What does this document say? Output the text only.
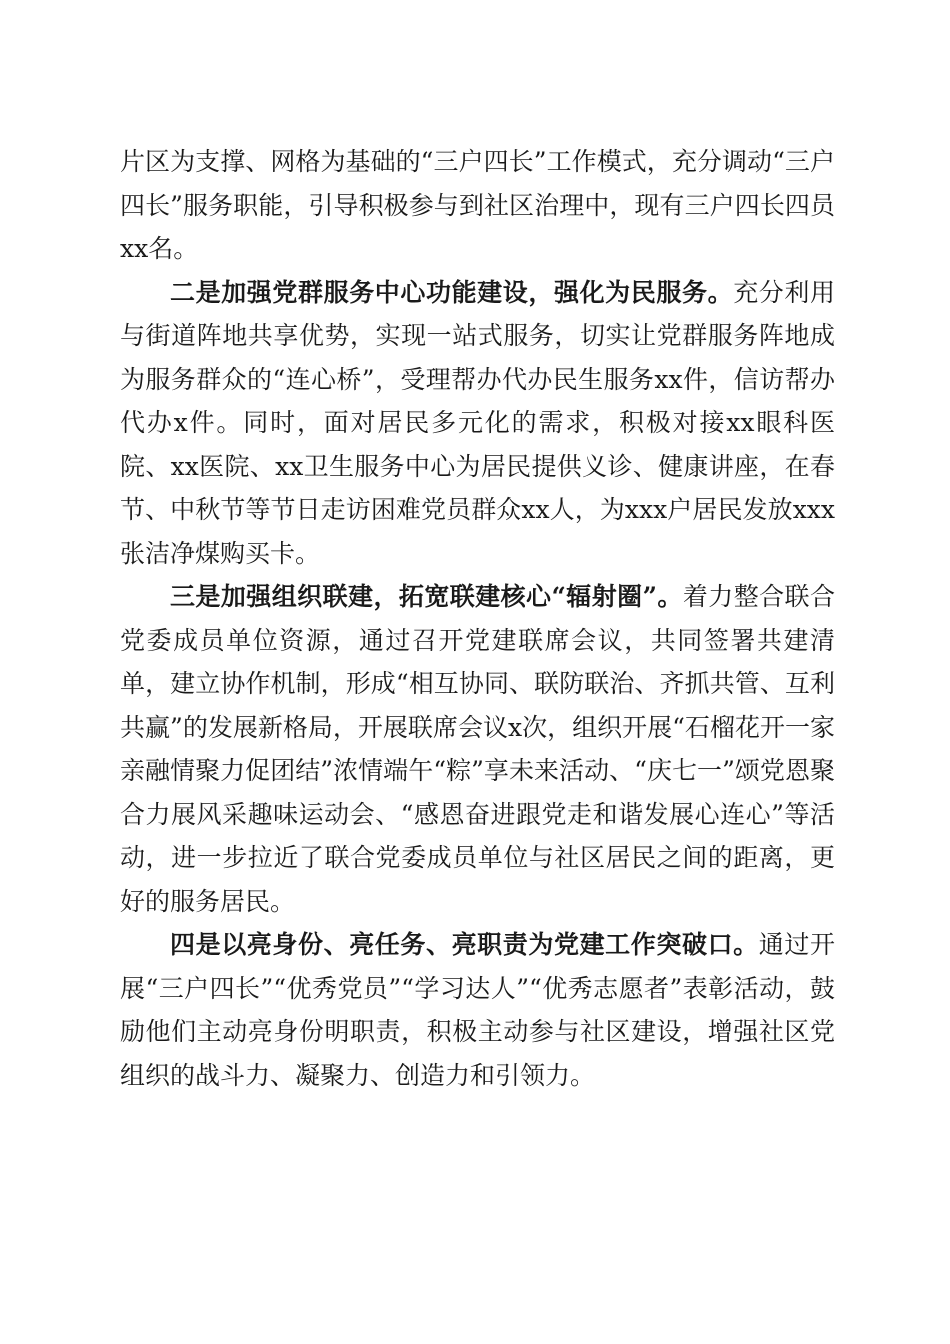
片区为支撑、网格为基础的“三户四长”工作模式，充分调动“三户四长”服务职能，引导积极参与到社区治理中，现有三户四长四员xx名。

二是加强党群服务中心功能建设，强化为民服务。充分利用与街道阵地共享优势，实现一站式服务，切实让党群服务阵地成为服务群众的“连心桥”，受理帮办代办民生服务xx件，信访帮办代办x件。同时，面对居民多元化的需求，积极对接xx眼科医院、xx医院、xx卫生服务中心为居民提供义诊、健康讲座，在春节、中秋节等节日走访困难党员群众xx人，为xxx户居民发放xxx张洁净煤购买卡。

三是加强组织联建，拓宽联建核心“辐射圈”。着力整合联合党委成员单位资源，通过召开党建联席会议，共同签署共建清单，建立协作机制，形成“相互协同、联防联治、齐抓共管、互利共赢”的发展新格局，开展联席会议x次，组织开展“石榴花开一家亲融情聚力促团结”浓情端午“粽”享未来活动、“庆七一”颂党恩聚合力展风采趣味运动会、“感恩奋进跟党走和谐发展心连心”等活动，进一步拉近了联合党委成员单位与社区居民之间的距离，更好的服务居民。

四是以亮身份、亮任务、亮职责为党建工作突破口。通过开展“三户四长”“优秀党员”“学习达人”“优秀志愿者”表彰活动，鼓励他们主动亮身份明职责，积极主动参与社区建设，增强社区党组织的战斗力、凝聚力、创造力和引领力。
